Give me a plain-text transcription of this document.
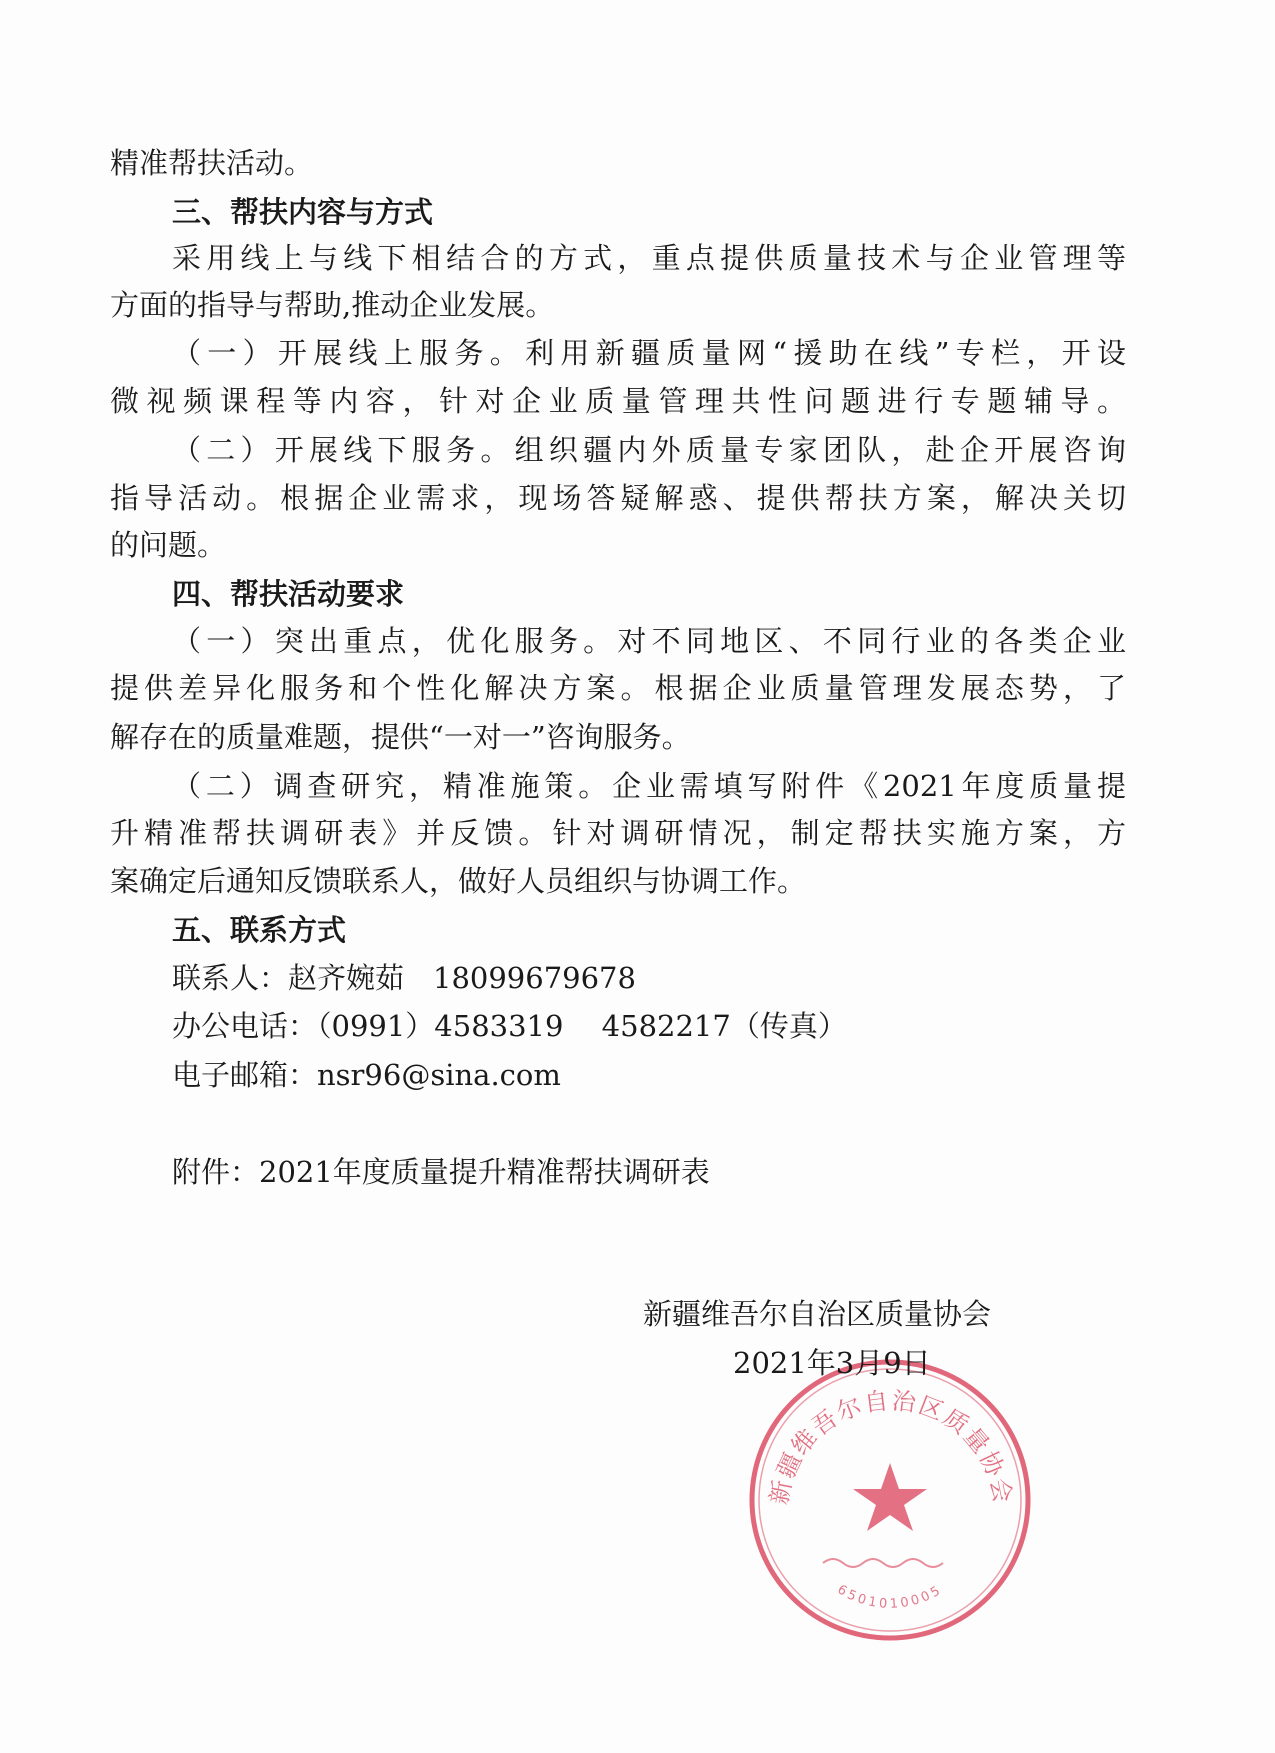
精准帮扶活动。
三、帮扶内容与方式
采用线上与线下相结合的方式，重点提供质量技术与企业管理等
方面的指导与帮助,推动企业发展。
（一）开展线上服务。利用新疆质量网“援助在线”专栏，开设
微视频课程等内容，针对企业质量管理共性问题进行专题辅导。
（二）开展线下服务。组织疆内外质量专家团队，赴企开展咨询
指导活动。根据企业需求，现场答疑解惑、提供帮扶方案，解决关切
的问题。
四、帮扶活动要求
（一）突出重点，优化服务。对不同地区、不同行业的各类企业
提供差异化服务和个性化解决方案。根据企业质量管理发展态势，了
解存在的质量难题，提供“一对一”咨询服务。
（二）调查研究，精准施策。企业需填写附件《2021年度质量提
升精准帮扶调研表》并反馈。针对调研情况，制定帮扶实施方案，方
案确定后通知反馈联系人，做好人员组织与协调工作。
五、联系方式
联系人：赵齐婉茹　18099679678
办公电话：（0991）4583319　 4582217（传真）
电子邮箱：nsr96@sina.com
附件：2021年度质量提升精准帮扶调研表
新疆维吾尔自治区质量协会
6501010005
新疆维吾尔自治区质量协会
2021年3月9日
